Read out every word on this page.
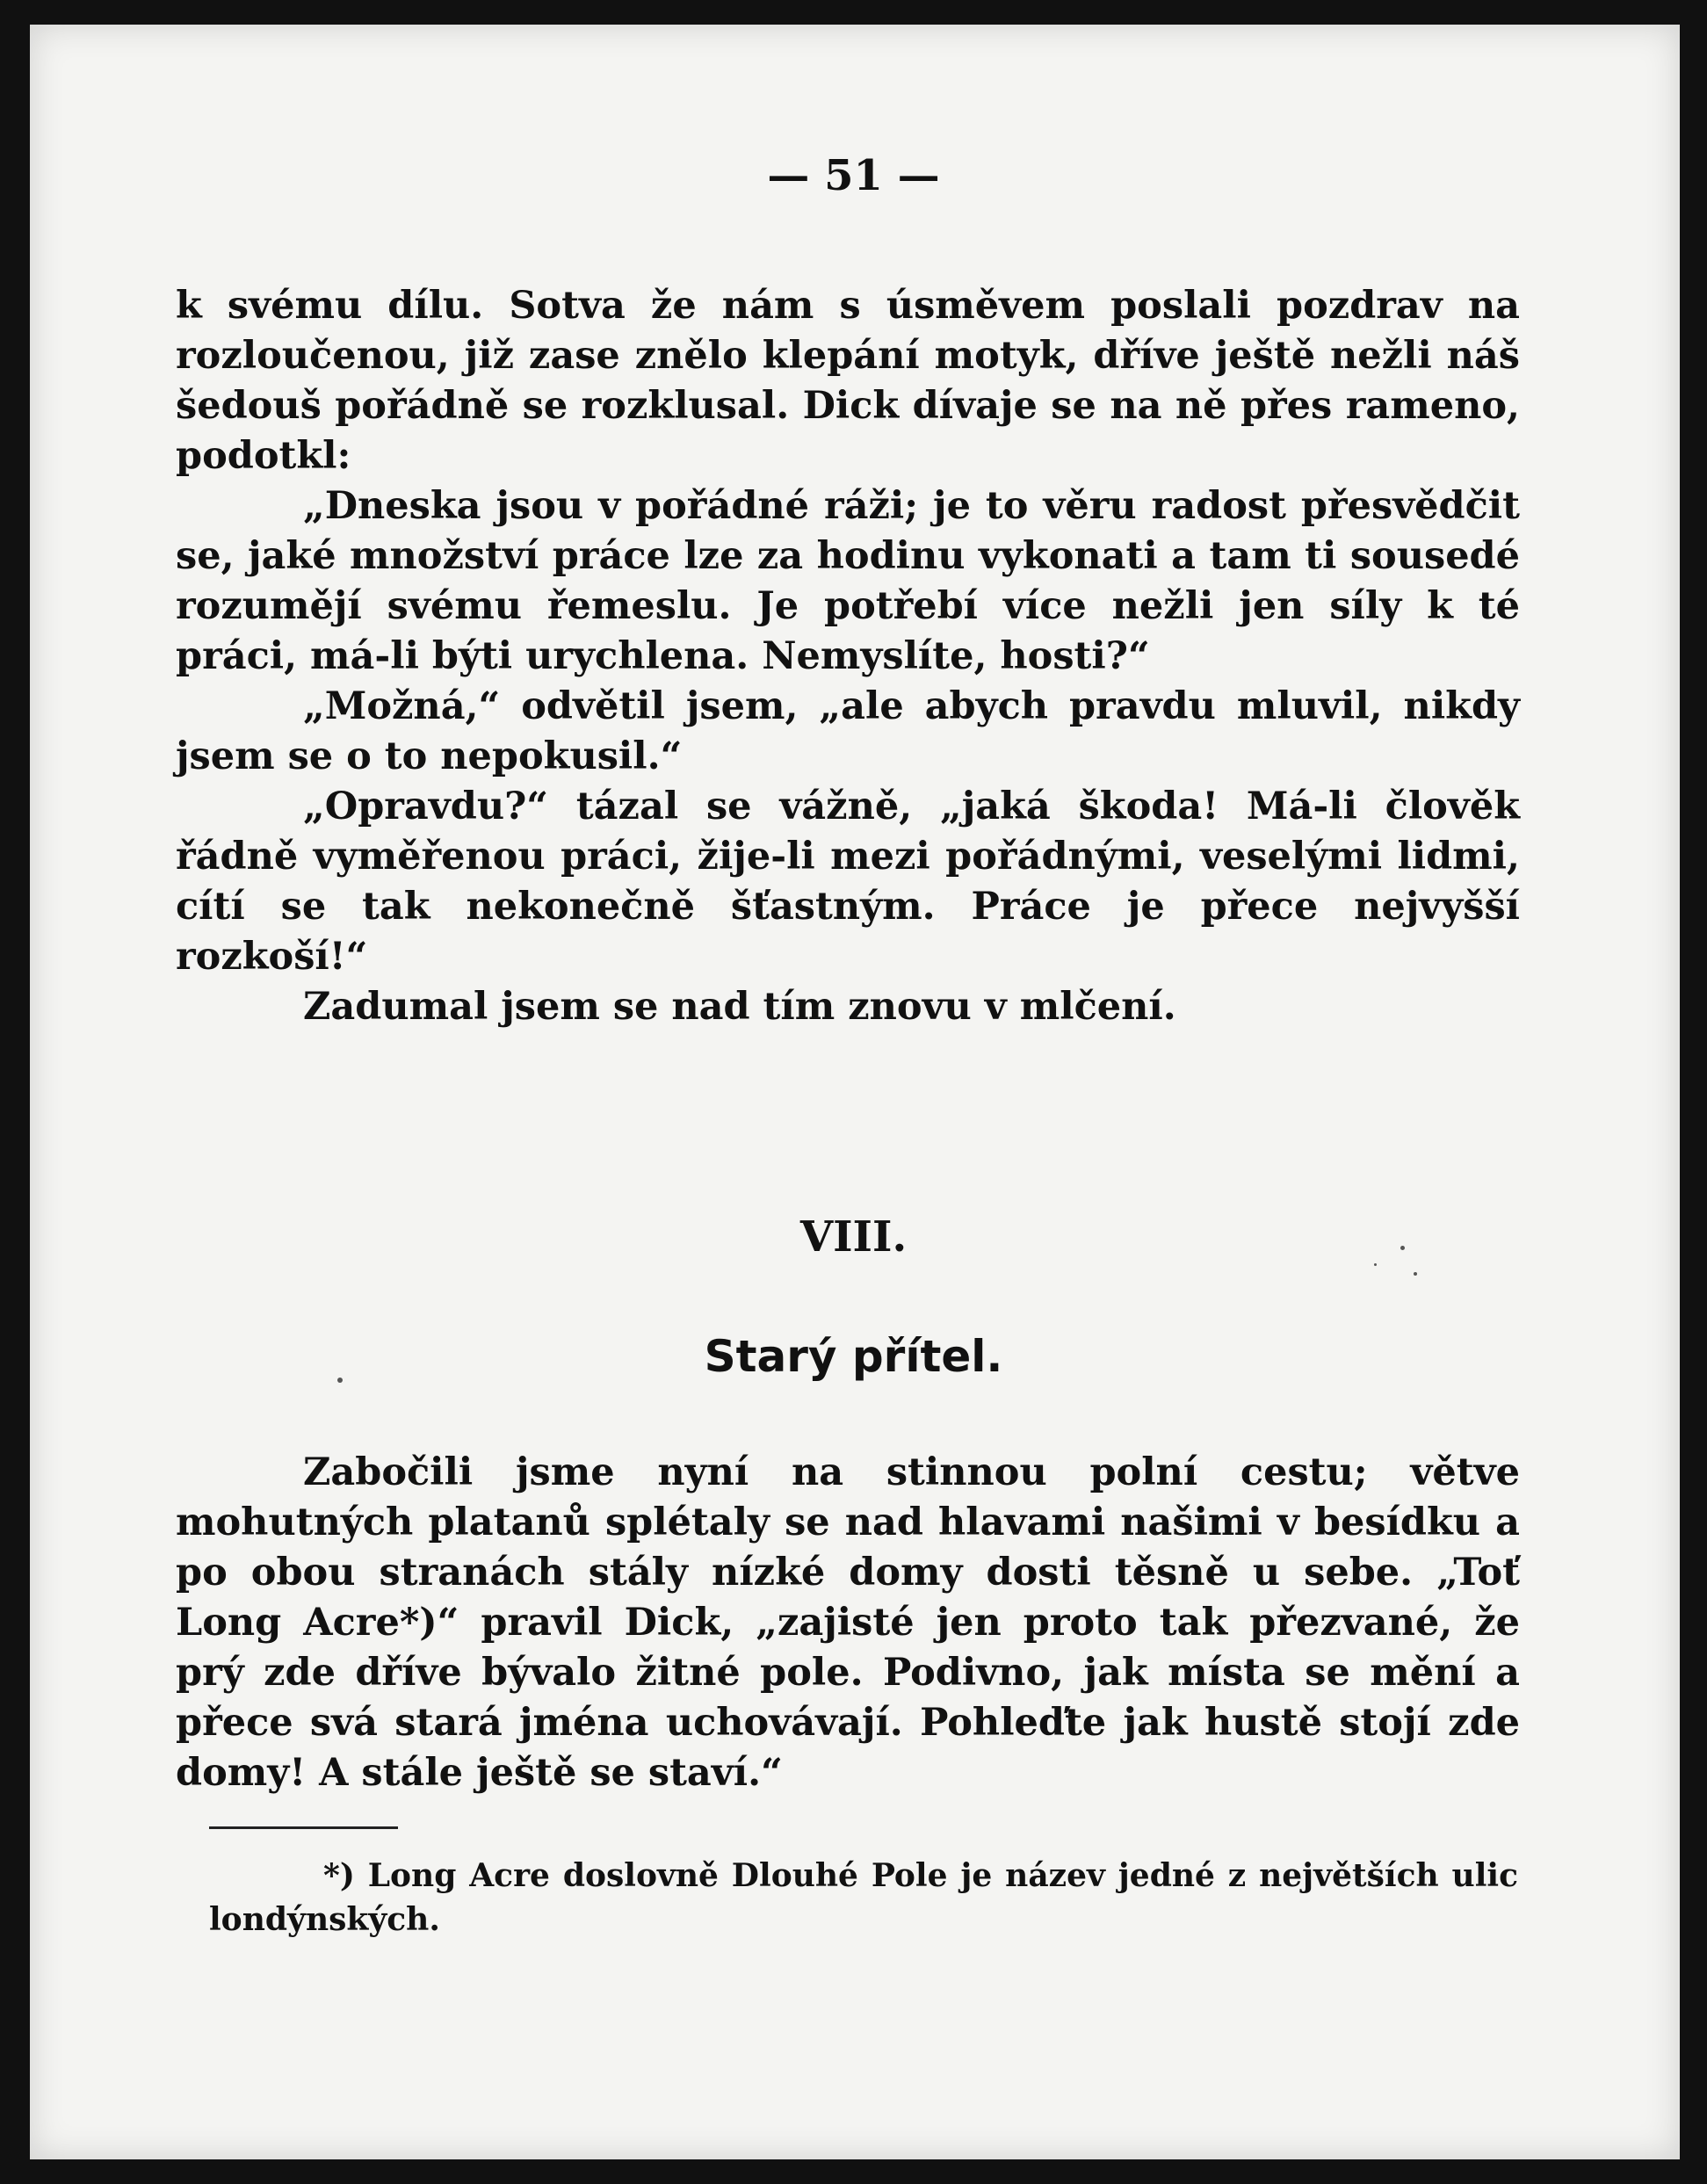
— 51 —

k svému dílu. Sotva že nám s úsměvem poslali pozdrav na rozloučenou, již zase znělo klepání motyk, dříve ještě nežli náš šedouš pořádně se rozklusal. Dick dívaje se na ně přes rameno, podotkl:

„Dneska jsou v pořádné ráži; je to věru radost přesvědčit se, jaké množství práce lze za hodinu vykonati a tam ti sousedé rozumějí svému řemeslu. Je potřebí více nežli jen síly k té práci, má-li býti urychlena. Nemyslíte, hosti?“

„Možná,“ odvětil jsem, „ale abych pravdu mluvil, nikdy jsem se o to nepokusil.“

„Opravdu?“ tázal se vážně, „jaká škoda! Má-li člověk řádně vyměřenou práci, žije-li mezi pořádnými, veselými lidmi, cítí se tak nekonečně šťastným. Práce je přece nejvyšší rozkoší!“

Zadumal jsem se nad tím znovu v mlčení.

VIII.
Starý přítel.

Zabočili jsme nyní na stinnou polní cestu; větve mohutných platanů splétaly se nad hlavami našimi v besídku a po obou stranách stály nízké domy dosti těsně u sebe. „Toť Long Acre*)“ pravil Dick, „zajisté jen proto tak přezvané, že prý zde dříve bývalo žitné pole. Podivno, jak místa se mění a přece svá stará jména uchovávají. Pohleďte jak hustě stojí zde domy! A stále ještě se staví.“

*) Long Acre doslovně Dlouhé Pole je název jedné z největších ulic londýnských.
